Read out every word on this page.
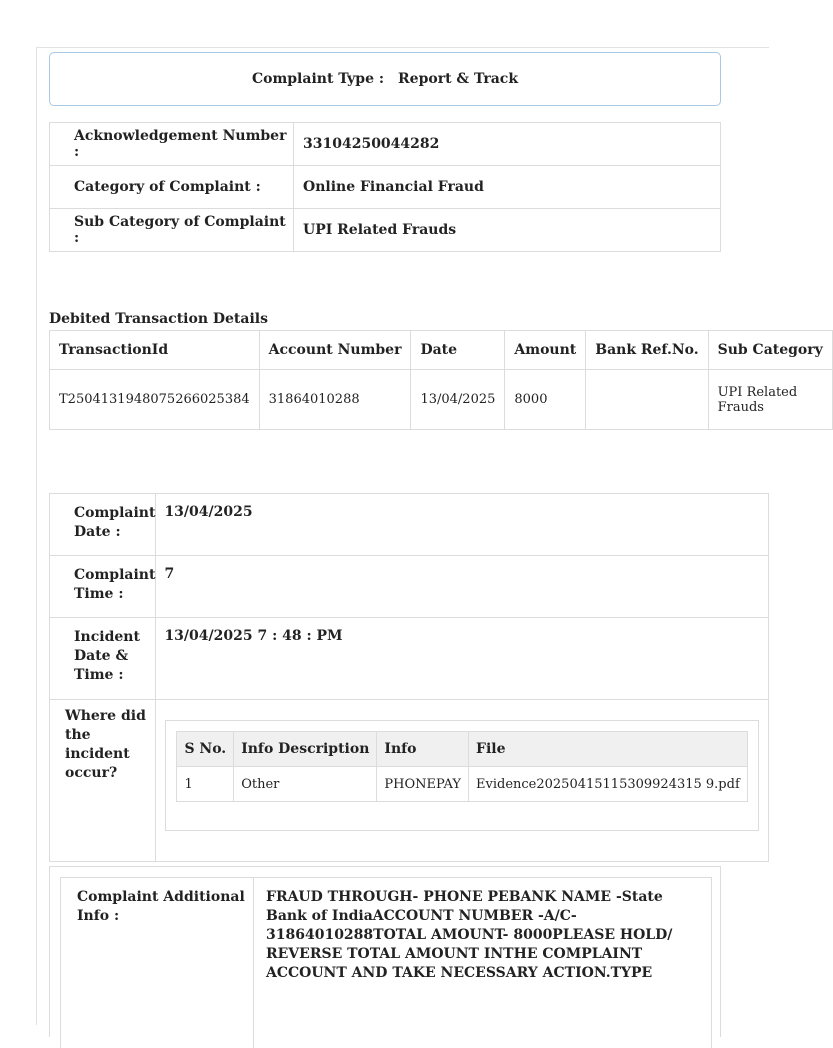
Complaint Type : Report & Track
Acknowledgement Number :	33104250044282
Category of Complaint :	Online Financial Fraud
Sub Category of Complaint :	UPI Related Frauds
Debited Transaction Details
TransactionId	Account Number	Date	Amount	Bank Ref.No.	Sub Category
T2504131948075266025384	31864010288	13/04/2025	8000		UPI Related Frauds
Complaint Date :	13/04/2025
Complaint Time :	7
Incident Date & Time :	13/04/2025 7 : 48 : PM
Where did the incident occur?	
S No.	Info Description	Info	File
1	Other	PHONEPAY	Evidence20250415115309924315 9.pdf
Complaint Additional Info :
FRAUD THROUGH- PHONE PEBANK NAME -State Bank of IndiaACCOUNT NUMBER -A/C- 31864010288TOTAL AMOUNT- 8000PLEASE HOLD/ REVERSE TOTAL AMOUNT INTHE COMPLAINT ACCOUNT AND TAKE NECESSARY ACTION.TYPE
